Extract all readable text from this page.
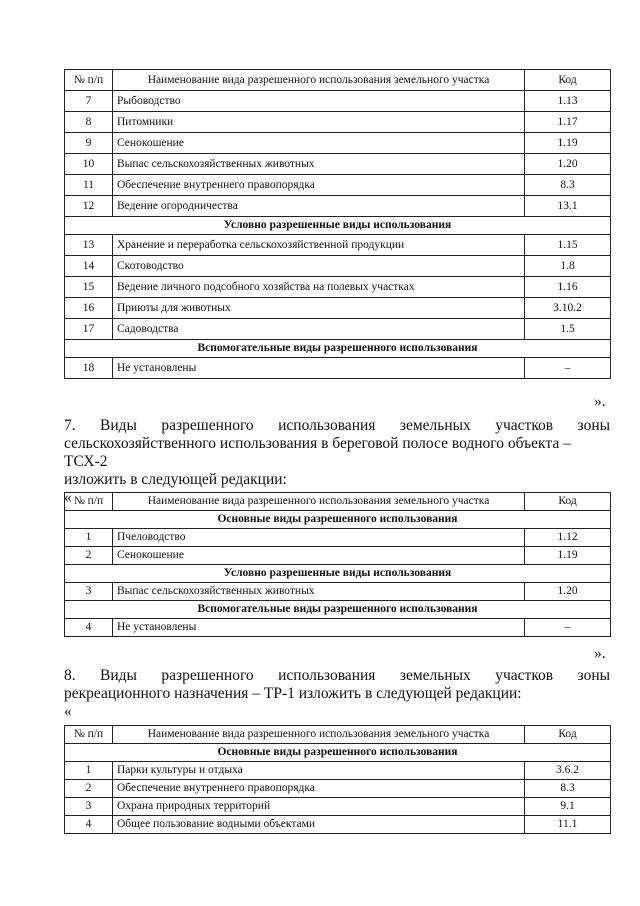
№ п/п	Наименование вида разрешенного использования земельного участка	Код
7	Рыбоводство	1.13
8	Питомники	1.17
9	Сенокошение	1.19
10	Выпас сельскохозяйственных животных	1.20
11	Обеспечение внутреннего правопорядка	8.3
12	Ведение огородничества	13.1
Условно разрешенные виды использования		
13	Хранение и переработка сельскохозяйственной продукции	1.15
14	Скотоводство	1.8
15	Ведение личного подсобного хозяйства на полевых участках	1.16
16	Приюты для животных	3.10.2
17	Садоводства	1.5
Вспомогательные виды разрешенного использования		
18	Не установлены	–
».
7. Виды разрешенного использования земельных участков зоны
сельскохозяйственного использования в береговой полосе водного объекта – ТСХ-2
изложить в следующей редакции:
« № п/п	Наименование вида разрешенного использования земельного участка	Код
Основные виды разрешенного использования		
1	Пчеловодство	1.12
2	Сенокошение	1.19
Условно разрешенные виды использования		
3	Выпас сельскохозяйственных животных	1.20
Вспомогательные виды разрешенного использования		
4	Не установлены	–
».
8. Виды разрешенного использования земельных участков зоны
рекреационного назначения – ТР-1 изложить в следующей редакции:
«
№ п/п	Наименование вида разрешенного использования земельного участка	Код
Основные виды разрешенного использования		
1	Парки культуры и отдыха	3.6.2
2	Обеспечение внутреннего правопорядка	8.3
3	Охрана природных территорий	9.1
4	Общее пользование водными объектами	11.1
